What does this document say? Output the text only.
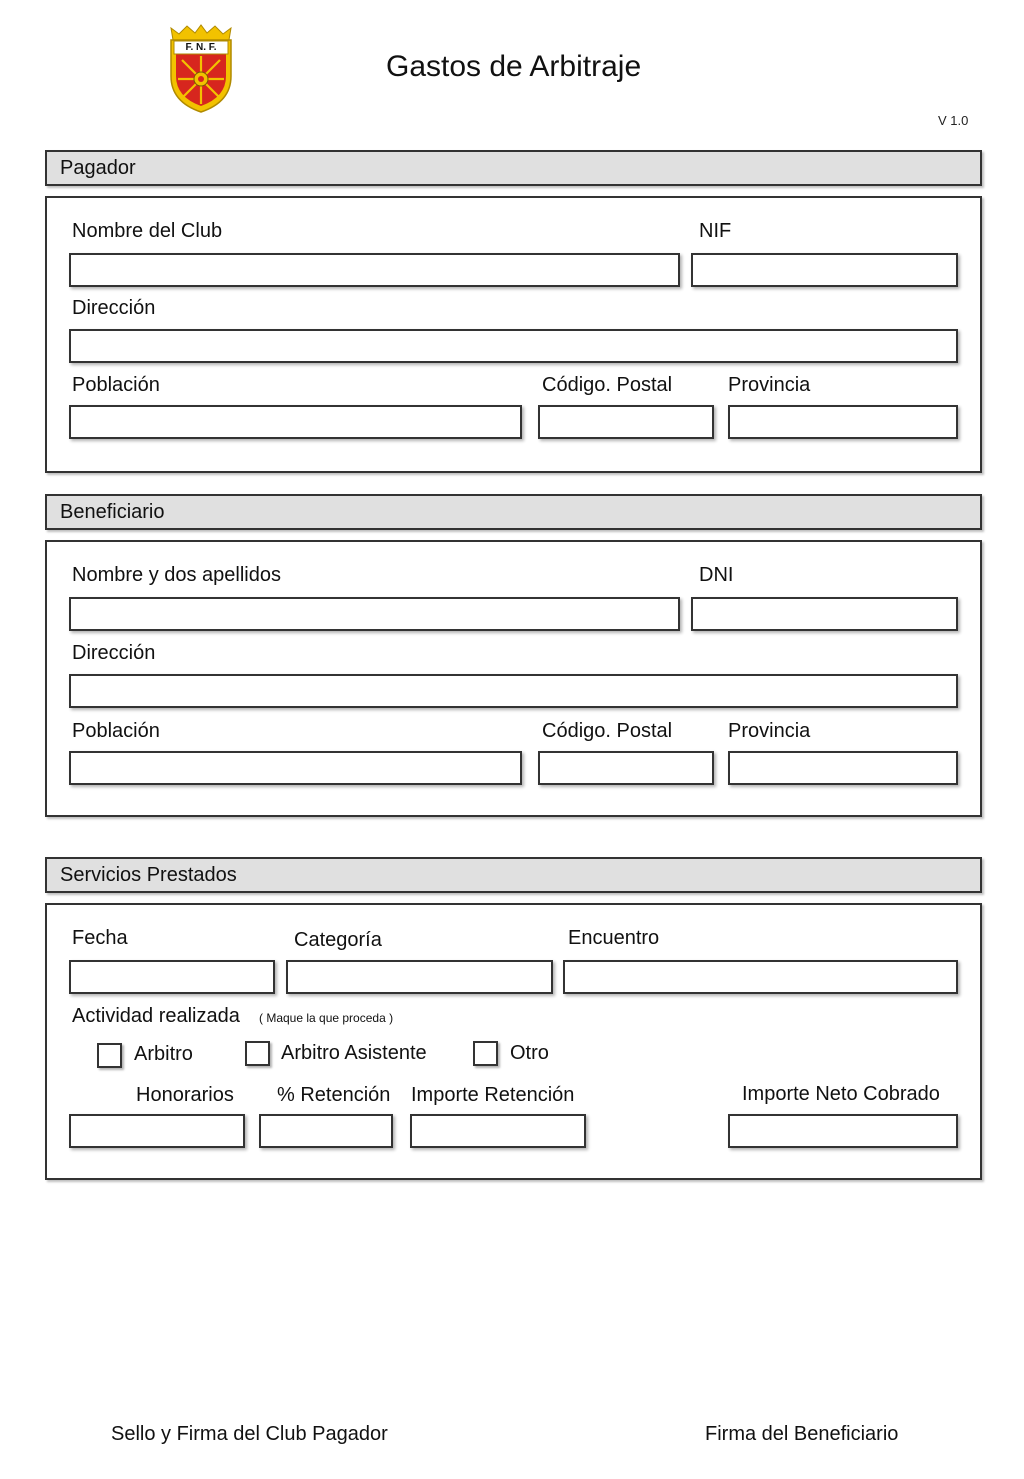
F. N. F.
Gastos de Arbitraje
V 1.0
Pagador
Nombre del Club	NIF
Dirección
Población	Código. Postal	Provincia
Beneficiario
Nombre y dos apellidos	DNI
Dirección
Población	Código. Postal	Provincia
Servicios Prestados
Fecha	Categoría	Encuentro
Actividad realizada ( Maque la que proceda )
Arbitro	Arbitro Asistente	Otro
Honorarios % Retención Importe Retención	Importe Neto Cobrado
Sello y Firma del Club Pagador	Firma del Beneficiario
